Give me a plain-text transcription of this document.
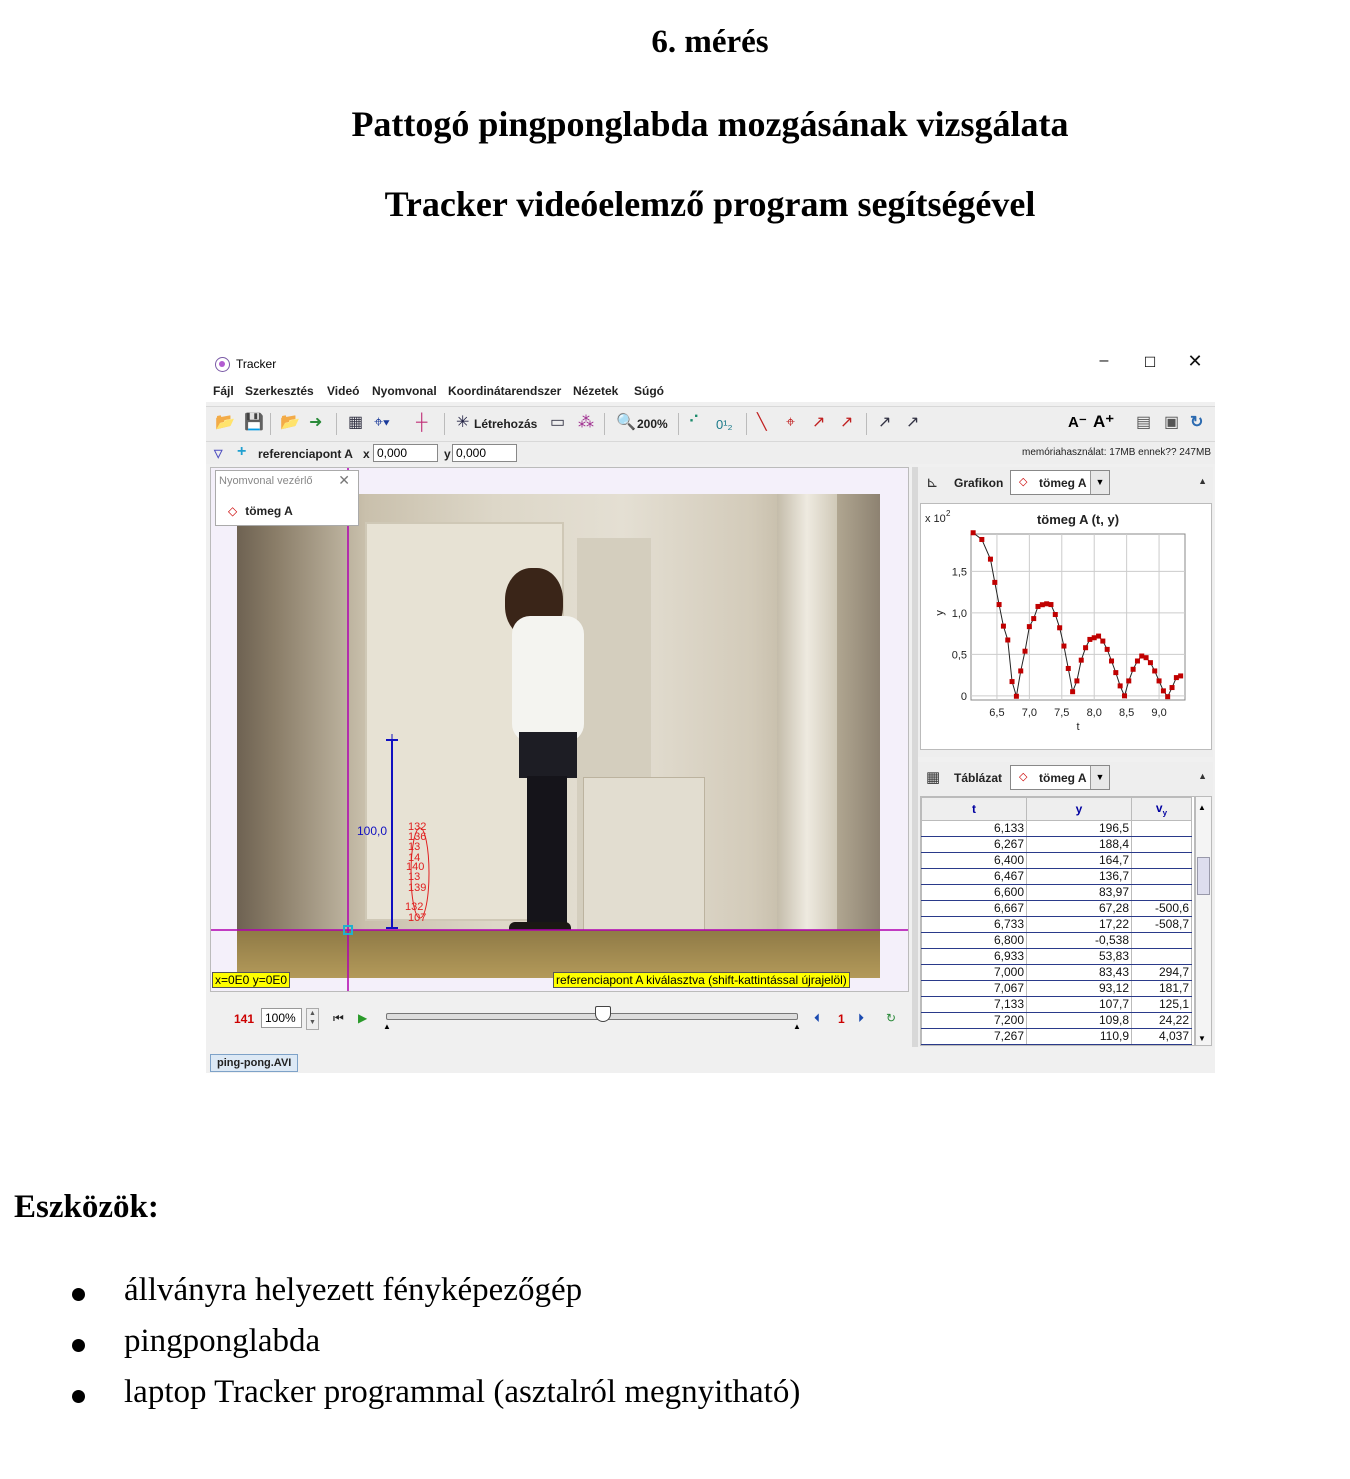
6. mérés
Pattogó pingponglabda mozgásának vizsgálata
Tracker videóelemző program segítségével
Tracker	–	☐	✕
Fájl Szerkesztés Videó Nyomvonal Koordinátarendszer Nézetek Súgó
📂 💾 📂 ➜ ▦ ⌖▾ ┼ ✳ Létrehozás ▭ ⁂ 🔍 200% ⠊ 0¹₂ ╲ ⌖ ↗ ↗ ↗ ↗	A⁻ A⁺ ▤ ▣ ↻
▽ + referenciapont A x 0,000	y 0,000	memóriahasználat: 17MB ennek?? 247MB
100,0 132
136
13
14
140
13
139
132
107
Nyomvonal vezérlő ✕
◇ tömeg A
x=0E0 y=0E0	referenciapont A kiválasztva (shift-kattintással újrajelöl)
141 100%	▲
▼ ⏮ ▶
▲	▲
⏴ 1 ⏵ ↻
ping-pong.AVI
⊾ Grafikon ◇ tömeg A ▼	▲
6,5 7,0 7,5 8,0 8,5 9,0
0
0,5
1,0
1,5
tömeg A (t, y)
x 10 2
t
y
▦ Táblázat ◇ tömeg A ▼	▲
t	y	$v_y$
6,133	196,5	
6,267	188,4	
6,400	164,7	
6,467	136,7	
6,600	83,97	
6,667	67,28	-500,6
6,733	17,22	-508,7
6,800	-0,538	
6,933	53,83	
7,000	83,43	294,7
7,067	93,12	181,7
7,133	107,7	125,1
7,200	109,8	24,22
7,267	110,9	4,037
▲
▼
Eszközök:
állványra helyezett fényképezőgép
pingponglabda
laptop Tracker programmal (asztalról megnyitható)
